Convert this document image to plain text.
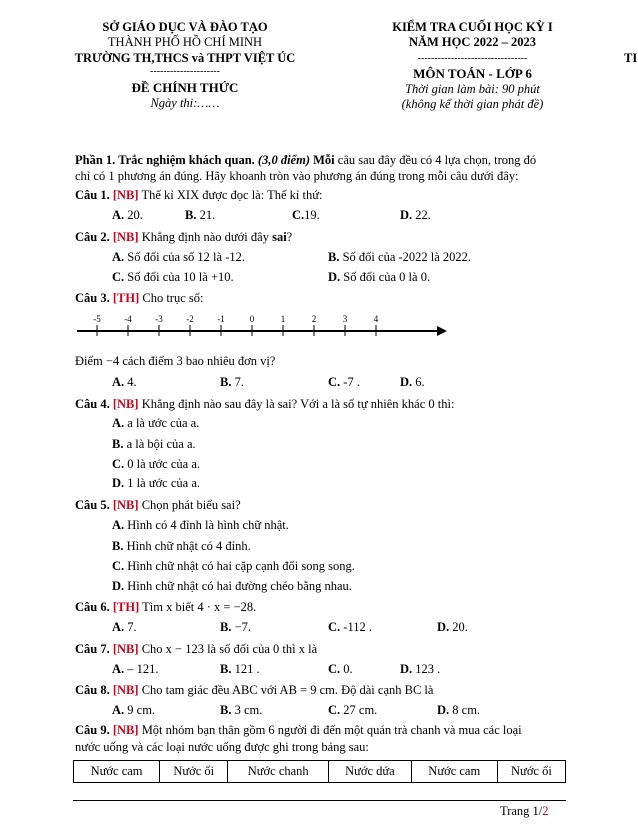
SỞ GIÁO DỤC VÀ ĐÀO TẠO
THÀNH PHỐ HỒ CHÍ MINH
TRƯỜNG TH,THCS và THPT VIỆT ÚC
---------------------
ĐỀ CHÍNH THỨC
Ngày thi:……
KIỂM TRA CUỐI HỌC KỲ I
NĂM HỌC 2022 – 2023
---------------------------------
MÔN TOÁN - LỚP 6
Thời gian làm bài: 90 phút
(không kể thời gian phát đề)
TI
Phần 1. Trắc nghiệm khách quan. (3,0 điểm) Mỗi câu sau đây đều có 4 lựa chọn, trong đó
chỉ có 1 phương án đúng. Hãy khoanh tròn vào phương án đúng trong mỗi câu dưới đây:
Câu 1. [NB] Thế kỉ XIX được đọc là: Thế kỉ thứ:
A. 20.	B. 21.	C.19.	D. 22.
Câu 2. [NB] Khẳng định nào dưới đây sai?
A. Số đối của số 12 là -12.	B. Số đối của -2022 là 2022.
C. Số đối của 10 là +10.	D. Số đối của 0 là 0.
Câu 3. [TH] Cho trục số:
-5	-4	-3	-2	-1	0	1	2	3	4
Điểm −4 cách điểm 3 bao nhiêu đơn vị?
A. 4.	B. 7.	C. -7 .	D. 6.
Câu 4. [NB] Khẳng định nào sau đây là sai? Với a là số tự nhiên khác 0 thì:
A. a là ước của a.
B. a là bội của a.
C. 0 là ước của a.
D. 1 là ước của a.
Câu 5. [NB] Chọn phát biểu sai?
A. Hình có 4 đỉnh là hình chữ nhật.
B. Hình chữ nhật có 4 đỉnh.
C. Hình chữ nhật có hai cặp cạnh đối song song.
D. Hình chữ nhật có hai đường chéo bằng nhau.
Câu 6. [TH] Tìm x biết 4 · x = −28.
A. 7.	B. −7.	C. -112 .	D. 20.
Câu 7. [NB] Cho x − 123 là số đối của 0 thì x là
A. – 121.	B. 121 .	C. 0.	D. 123 .
Câu 8. [NB] Cho tam giác đều ABC với AB = 9 cm. Độ dài cạnh BC là
A. 9 cm.	B. 3 cm.	C. 27 cm.	D. 8 cm.
Câu 9. [NB] Một nhóm bạn thân gồm 6 người đi đến một quán trà chanh và mua các loại
nước uống và các loại nước uống được ghi trong bảng sau:
Nước cam	Nước ổi	Nước chanh	Nước dứa	Nước cam	Nước ổi
Trang 1/2
